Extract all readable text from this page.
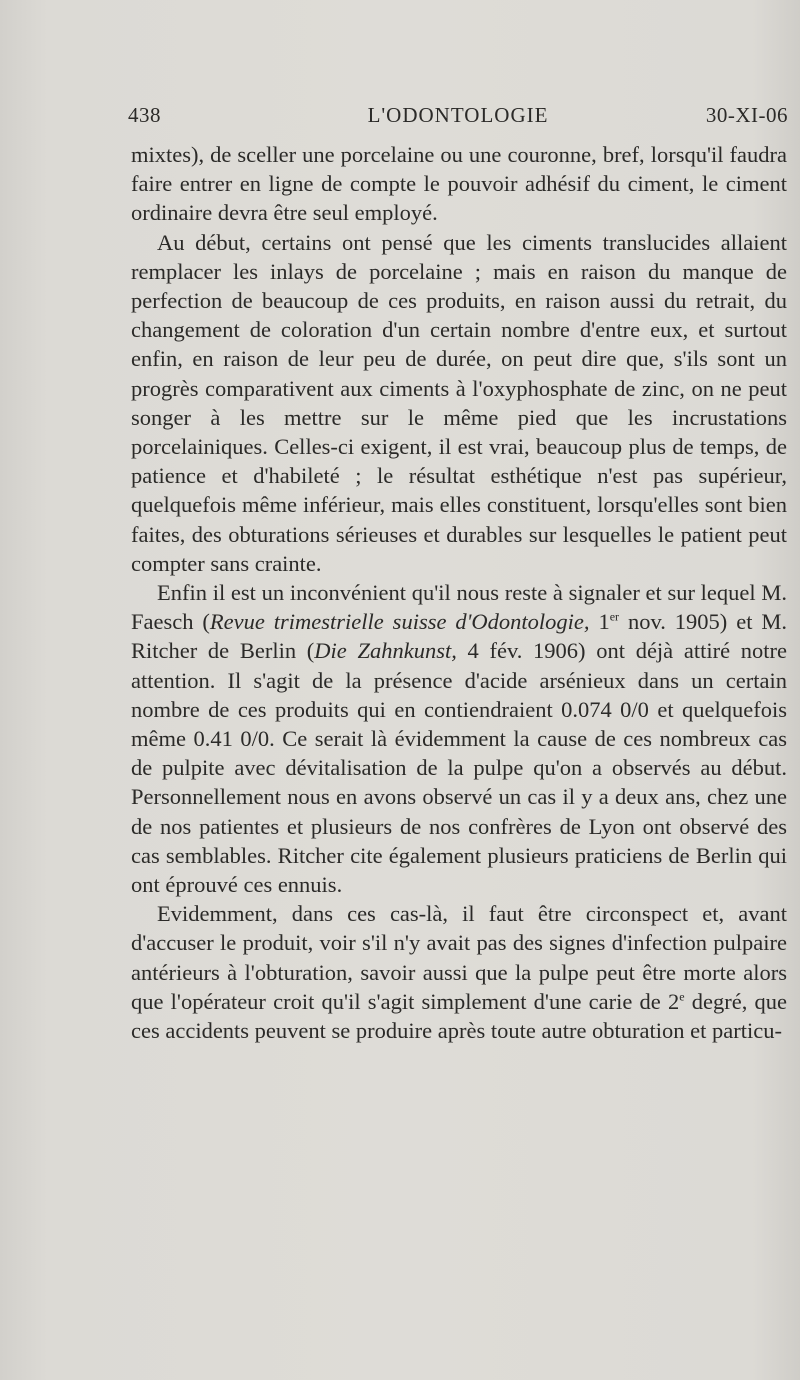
438	L'ODONTOLOGIE	30-XI-06

mixtes), de sceller une porcelaine ou une couronne, bref, lorsqu'il faudra faire entrer en ligne de compte le pouvoir adhésif du ciment, le ciment ordinaire devra être seul employé.

Au début, certains ont pensé que les ciments translucides allaient remplacer les inlays de porcelaine ; mais en raison du manque de perfection de beaucoup de ces produits, en raison aussi du retrait, du changement de coloration d'un certain nombre d'entre eux, et surtout enfin, en raison de leur peu de durée, on peut dire que, s'ils sont un progrès comparativent aux ciments à l'oxyphosphate de zinc, on ne peut songer à les mettre sur le même pied que les incrustations porcelainiques. Celles-ci exigent, il est vrai, beaucoup plus de temps, de patience et d'habileté ; le résultat esthétique n'est pas supérieur, quelquefois même inférieur, mais elles constituent, lorsqu'elles sont bien faites, des obturations sérieuses et durables sur lesquelles le patient peut compter sans crainte.

Enfin il est un inconvénient qu'il nous reste à signaler et sur lequel M. Faesch (Revue trimestrielle suisse d'Odontologie, 1er nov. 1905) et M. Ritcher de Berlin (Die Zahnkunst, 4 fév. 1906) ont déjà attiré notre attention. Il s'agit de la présence d'acide arsénieux dans un certain nombre de ces produits qui en contiendraient 0.074 0/0 et quelquefois même 0.41 0/0. Ce serait là évidemment la cause de ces nombreux cas de pulpite avec dévitalisation de la pulpe qu'on a observés au début. Personnellement nous en avons observé un cas il y a deux ans, chez une de nos patientes et plusieurs de nos confrères de Lyon ont observé des cas semblables. Ritcher cite également plusieurs praticiens de Berlin qui ont éprouvé ces ennuis.

Evidemment, dans ces cas-là, il faut être circonspect et, avant d'accuser le produit, voir s'il n'y avait pas des signes d'infection pulpaire antérieurs à l'obturation, savoir aussi que la pulpe peut être morte alors que l'opérateur croit qu'il s'agit simplement d'une carie de 2e degré, que ces accidents peuvent se produire après toute autre obturation et particu-
